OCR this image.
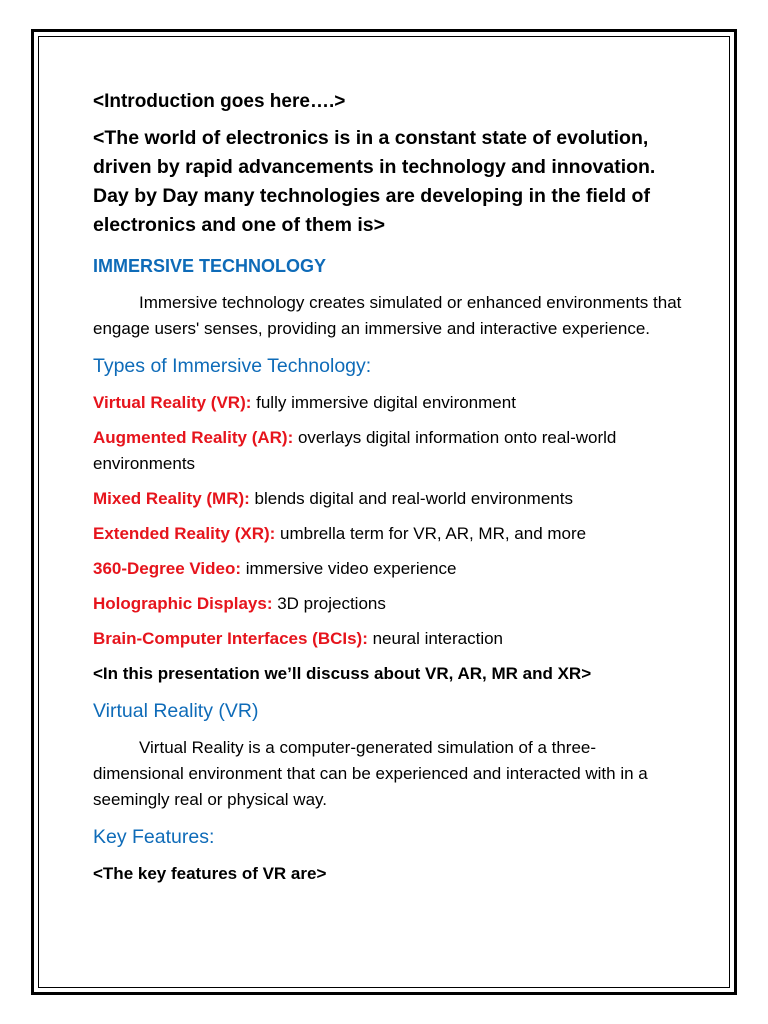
<Introduction goes here….>

<The world of electronics is in a constant state of evolution, driven by rapid advancements in technology and innovation. Day by Day many technologies are developing in the field of electronics and one of them is>

IMMERSIVE TECHNOLOGY

Immersive technology creates simulated or enhanced environments that engage users' senses, providing an immersive and interactive experience.

Types of Immersive Technology:

Virtual Reality (VR): fully immersive digital environment

Augmented Reality (AR): overlays digital information onto real-world environments

Mixed Reality (MR): blends digital and real-world environments

Extended Reality (XR): umbrella term for VR, AR, MR, and more

360-Degree Video: immersive video experience

Holographic Displays: 3D projections

Brain-Computer Interfaces (BCIs): neural interaction

<In this presentation we’ll discuss about VR, AR, MR and XR>

Virtual Reality (VR)

Virtual Reality is a computer-generated simulation of a three-dimensional environment that can be experienced and interacted with in a seemingly real or physical way.

Key Features:

<The key features of VR are>
